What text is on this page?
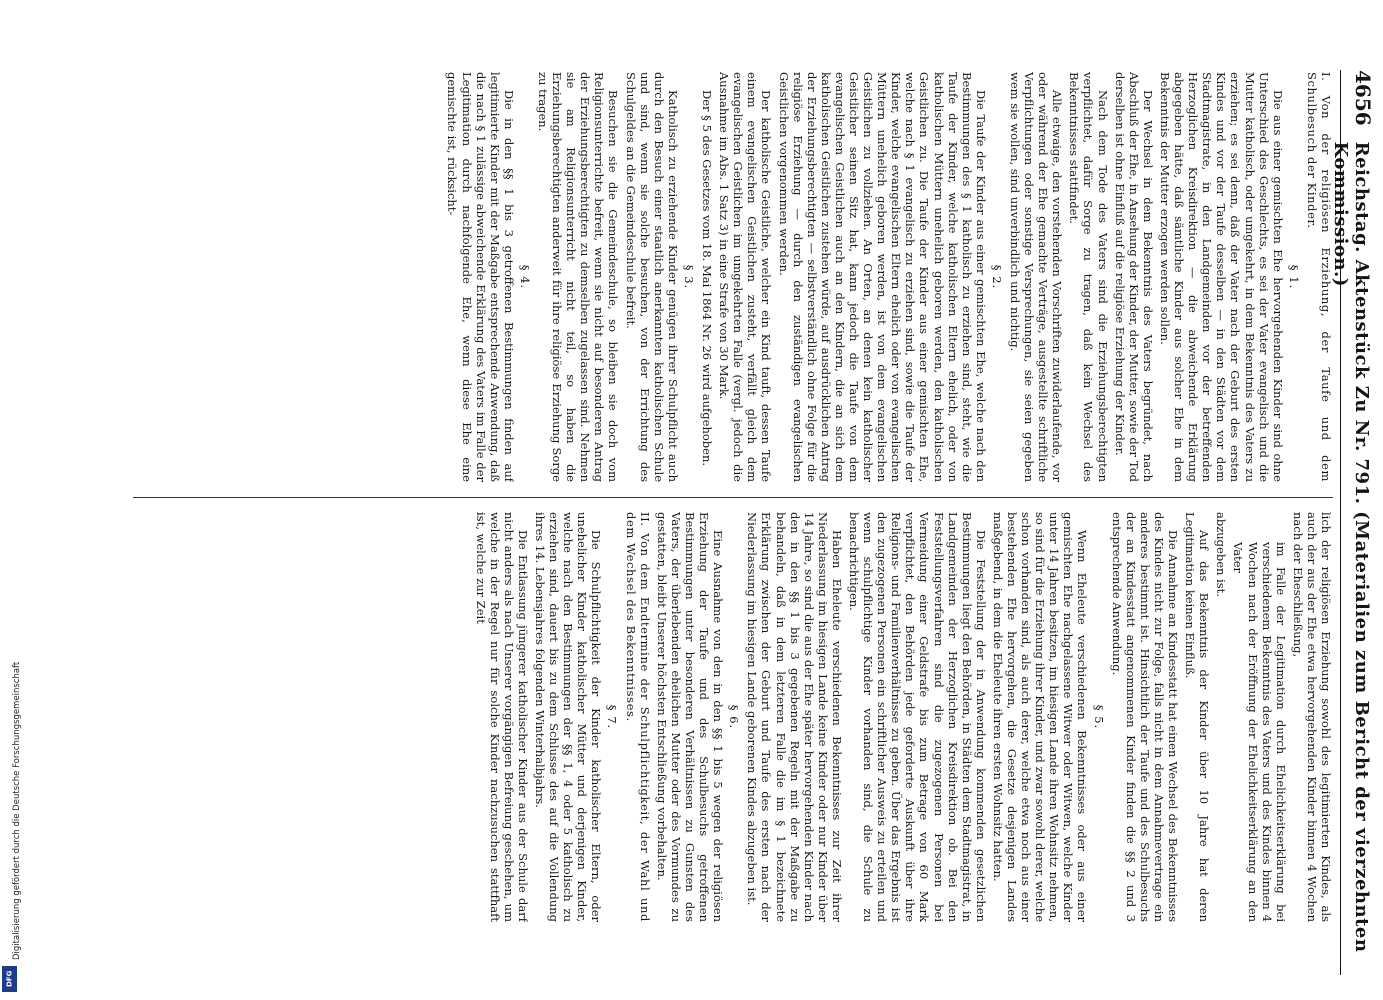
Digitalisierung gefördert durch die Deutsche Forschungsgemeinschaft
DFG
4656
Reichstag. Aktenstück Zu Nr. 791. (Materialien zum Bericht der vierzehnten Kommission.)

I. Von der religiösen Erziehung, der Taufe und dem Schulbesuch der Kinder.

§ 1.

Die aus einer gemischten Ehe hervorgehenden Kinder sind ohne Unterschied des Geschlechts, es sei der Vater evangelisch und die Mutter katholisch, oder umgekehrt, in dem Bekenntnis des Vaters zu erziehen; es sei denn, daß der Vater nach der Geburt des ersten Kindes und vor der Taufe desselben — in den Städten vor dem Stadtmagistrate, in den Landgemeinden vor der betreffenden Herzoglichen Kreisdirektion — die abweichende Erklärung abgegeben hätte, daß sämtliche Kinder aus solcher Ehe in dem Bekenntnis der Mutter erzogen werden sollen.

Der Wechsel in dem Bekenntnis des Vaters begründet, nach Abschluß der Ehe, in Ansehung der Kinder, der Mutter, sowie der Tod derselben ist ohne Einfluß auf die religiöse Erziehung der Kinder.

Nach dem Tode des Vaters sind die Erziehungsberechtigten verpflichtet, dafür Sorge zu tragen, daß kein Wechsel des Bekenntnisses stattfindet.

Alle etwaige, den vorstehenden Vorschriften zuwiderlaufende, vor oder während der Ehe gemachte Verträge, ausgestellte schriftliche Verpflichtungen oder sonstige Versprechungen, sie seien gegeben wem sie wollen, sind unverbindlich und nichtig.

§ 2.

Die Taufe der Kinder aus einer gemischten Ehe, welche nach den Bestimmungen des § 1 katholisch zu erziehen sind, steht, wie die Taufe der Kinder, welche katholischen Eltern ehelich, oder von katholischen Müttern unehelich geboren werden, den katholischen Geistlichen zu. Die Taufe der Kinder aus einer gemischten Ehe, welche nach § 1 evangelisch zu erziehen sind, sowie die Taufe der Kinder, welche evangelischen Eltern ehelich oder von evangelischen Müttern unehelich geboren werden, ist von dem evangelischen Geistlichen zu vollziehen. An Orten, an denen kein katholischer Geistlicher seinen Sitz hat, kann jedoch die Taufe von dem evangelischen Geistlichen auch an den Kindern, die an sich dem katholischen Geistlichen zustehen würde, auf ausdrücklichen Antrag der Erziehungsberechtigten — selbstverständlich ohne Folge für die religiöse Erziehung — durch den zuständigen evangelischen Geistlichen vorgenommen werden.

Der katholische Geistliche, welcher ein Kind tauft, dessen Taufe einem evangelischen Geistlichen zusteht, verfällt gleich dem evangelischen Geistlichen im umgekehrten Falle (vergl. jedoch die Ausnahme im Abs. 1 Satz 3) in eine Strafe von 30 Mark.

Der § 5 des Gesetzes vom 18. Mai 1864 Nr. 26 wird aufgehoben.

§ 3.

Katholisch zu erziehende Kinder genügen ihrer Schulpflicht auch durch den Besuch einer staatlich anerkannten katholischen Schule und sind, wenn sie solche besuchen, von der Errichtung des Schulgeldes an die Gemeindeschule befreit.

Besuchen sie die Gemeindeschule, so bleiben sie doch vom Religionsunterrichte befreit, wenn sie nicht auf besonderen Antrag der Erziehungsberechtigten zu demselben zugelassen sind. Nehmen sie am Religionsunterricht nicht teil, so haben die Erziehungsberechtigten anderweit für ihre religiöse Erziehung Sorge zu tragen.

§ 4.

Die in den §§ 1 bis 3 getroffenen Bestimmungen finden auf legitimierte Kinder mit der Maßgabe entsprechende Anwendung, daß die nach § 1 zulässige abweichende Erklärung des Vaters im Falle der Legitimation durch nachfolgende Ehe, wenn diese Ehe eine gemischte ist, rücksicht-

lich der religiösen Erziehung sowohl des legitimierten Kindes, als auch der aus der Ehe etwa hervorgehenden Kinder binnen 4 Wochen nach der Eheschließung,

im Falle der Legitimation durch Ehelichkeitserklärung bei verschiedenem Bekenntnis des Vaters und des Kindes binnen 4 Wochen nach der Eröffnung der Ehelichkeitserklärung an den Vater

abzugeben ist.

Auf das Bekenntnis der Kinder über 10 Jahre hat deren Legitimation keinen Einfluß.

Die Annahme an Kindesstatt hat einen Wechsel des Bekenntnisses des Kindes nicht zur Folge, falls nicht in dem Annahmevertrage ein anderes bestimmt ist. Hinsichtlich der Taufe und des Schulbesuchs der an Kindesstatt angenommenen Kinder finden die §§ 2 und 3 entsprechende Anwendung.

§ 5.

Wenn Eheleute verschiedenen Bekenntnisses oder aus einer gemischten Ehe nachgelassene Witwer oder Witwen, welche Kinder unter 14 Jahren besitzen, im hiesigen Lande ihren Wohnsitz nehmen, so sind für die Erziehung ihrer Kinder, und zwar sowohl derer, welche schon vorhanden sind, als auch derer, welche etwa noch aus einer bestehenden Ehe hervorgehen, die Gesetze desjenigen Landes maßgebend, in dem die Eheleute ihren ersten Wohnsitz hatten.

Die Feststellung der in Anwendung kommenden gesetzlichen Bestimmungen liegt den Behörden, in Städten dem Stadtmagistrat, in Landgemeinden der Herzoglichen Kreisdirektion ob. Bei den Feststellungsverfahren sind die zugezogenen Personen bei Vermeidung einer Geldstrafe bis zum Betrage von 60 Mark verpflichtet, den Behörden jede geforderte Auskunft über ihre Religions- und Familienverhältnisse zu geben. Über das Ergebnis ist den zugezogenen Personen ein schriftlicher Ausweis zu erteilen und wenn schulpflichtige Kinder vorhanden sind, die Schule zu benachrichtigen.

Haben Eheleute verschiedenen Bekenntnisses zur Zeit ihrer Niederlassung im hiesigen Lande keine Kinder oder nur Kinder über 14 Jahre, so sind die aus der Ehe später hervorgehenden Kinder nach den in den §§ 1 bis 3 gegebenen Regeln mit der Maßgabe zu behandeln, daß in dem letzteren Falle die im § 1 bezeichnete Erklärung zwischen der Geburt und Taufe des ersten nach der Niederlassung im hiesigen Lande geborenen Kindes abzugeben ist.

§ 6.

Eine Ausnahme von den in den §§ 1 bis 5 wegen der religiösen Erziehung der Taufe und des Schulbesuchs getroffenen Bestimmungen unter besonderen Verhältnissen zu Gunsten des Vaters, der überlebenden ehelichen Mutter oder des Vormundes zu gestatten, bleibt Unserer höchsten Entschließung vorbehalten.

II. Von dem Endtermine der Schulpflichtigkeit, der Wahl und dem Wechsel des Bekenntnisses.

§ 7.

Die Schulpflichtigkeit der Kinder katholischer Eltern, oder unehelicher Kinder katholischer Mütter und derjenigen Kinder, welche nach den Bestimmungen der §§ 1, 4 oder 5 katholisch zu erziehen sind, dauert bis zu dem Schlusse des auf die Vollendung ihres 14. Lebensjahres folgenden Winterhalbjahrs.

Die Entlassung jüngerer katholischer Kinder aus der Schule darf nicht anders als nach Unserer vorgängigen Befreiung geschehen, um welche in der Regel nur für solche Kinder nachzusuchen stattfhaft ist, welche zur Zeit
